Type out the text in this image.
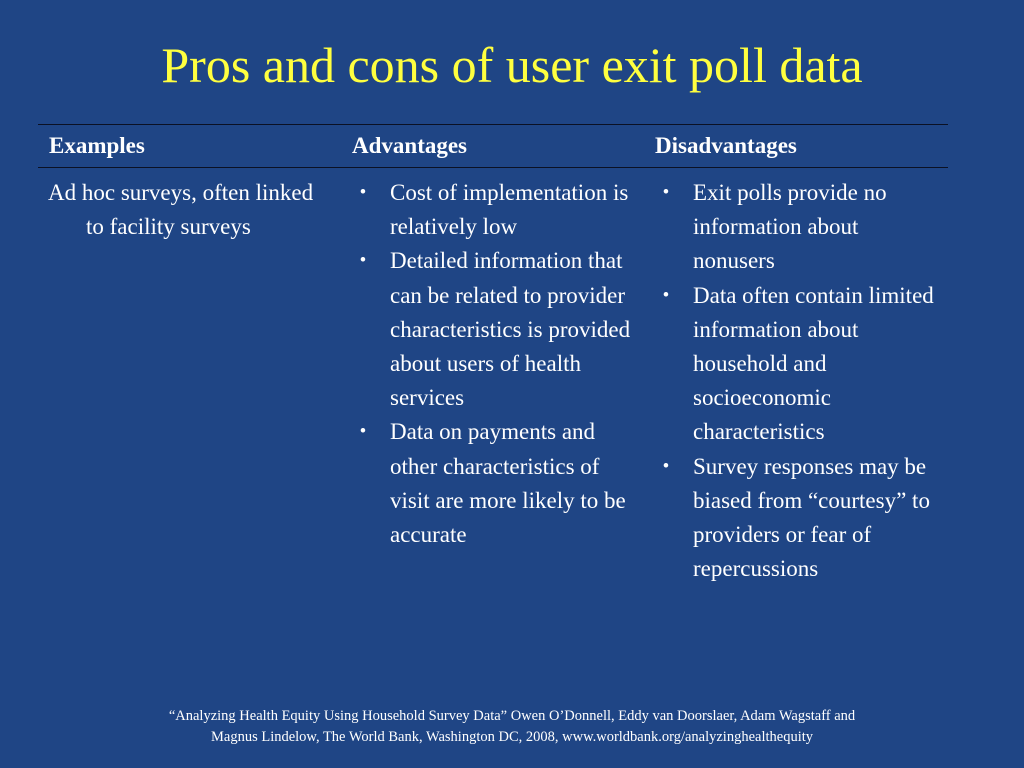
Pros and cons of user exit poll data
Examples	Advantages	Disadvantages
Ad hoc surveys, often linked to facility surveys
• Cost of implementation is relatively low
• Detailed information that can be related to provider characteristics is provided about users of health services
• Data on payments and other characteristics of visit are more likely to be accurate
• Exit polls provide no information about nonusers
• Data often contain limited information about household and socioeconomic characteristics
• Survey responses may be biased from “courtesy” to providers or fear of repercussions
“Analyzing Health Equity Using Household Survey Data” Owen O’Donnell, Eddy van Doorslaer, Adam Wagstaff and
Magnus Lindelow, The World Bank, Washington DC, 2008, www.worldbank.org/analyzinghealthequity
